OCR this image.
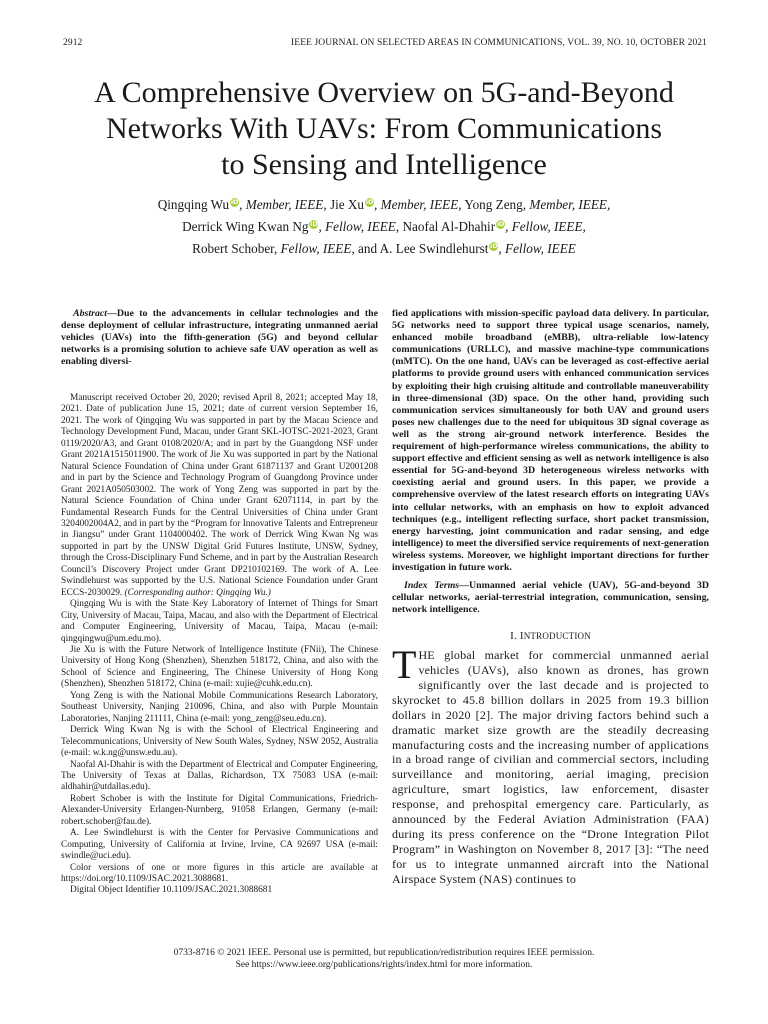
2912	IEEE JOURNAL ON SELECTED AREAS IN COMMUNICATIONS, VOL. 39, NO. 10, OCTOBER 2021
A Comprehensive Overview on 5G-and-Beyond
Networks With UAVs: From Communications
to Sensing and Intelligence
Qingqing Wu iD, Member, IEEE, Jie Xu iD, Member, IEEE, Yong Zeng, Member, IEEE,
Derrick Wing Kwan Ng iD, Fellow, IEEE, Naofal Al-Dhahir iD, Fellow, IEEE,
Robert Schober, Fellow, IEEE, and A. Lee Swindlehurst iD, Fellow, IEEE

Abstract—Due to the advancements in cellular technologies and the dense deployment of cellular infrastructure, integrating unmanned aerial vehicles (UAVs) into the fifth-generation (5G) and beyond cellular networks is a promising solution to achieve safe UAV operation as well as enabling diversi-

Manuscript received October 20, 2020; revised April 8, 2021; accepted May 18, 2021. Date of publication June 15, 2021; date of current version September 16, 2021. The work of Qingqing Wu was supported in part by the Macau Science and Technology Development Fund, Macau, under Grant SKL-IOTSC-2021-2023, Grant 0119/2020/A3, and Grant 0108/2020/A; and in part by the Guangdong NSF under Grant 2021A1515011900. The work of Jie Xu was supported in part by the National Natural Science Foundation of China under Grant 61871137 and Grant U2001208 and in part by the Science and Technology Program of Guangdong Province under Grant 2021A050503002. The work of Yong Zeng was supported in part by the Natural Science Foundation of China under Grant 62071114, in part by the Fundamental Research Funds for the Central Universities of China under Grant 3204002004A2, and in part by the “Program for Innovative Talents and Entrepreneur in Jiangsu” under Grant 1104000402. The work of Derrick Wing Kwan Ng was supported in part by the UNSW Digital Grid Futures Institute, UNSW, Sydney, through the Cross-Disciplinary Fund Scheme, and in part by the Australian Research Council’s Discovery Project under Grant DP210102169. The work of A. Lee Swindlehurst was supported by the U.S. National Science Foundation under Grant ECCS-2030029. (Corresponding author: Qingqing Wu.)

Qingqing Wu is with the State Key Laboratory of Internet of Things for Smart City, University of Macau, Taipa, Macau, and also with the Department of Electrical and Computer Engineering, University of Macau, Taipa, Macau (e-mail: qingqingwu@um.edu.mo).

Jie Xu is with the Future Network of Intelligence Institute (FNii), The Chinese University of Hong Kong (Shenzhen), Shenzhen 518172, China, and also with the School of Science and Engineering, The Chinese University of Hong Kong (Shenzhen), Shenzhen 518172, China (e-mail: xujie@cuhk.edu.cn).

Yong Zeng is with the National Mobile Communications Research Laboratory, Southeast University, Nanjing 210096, China, and also with Purple Mountain Laboratories, Nanjing 211111, China (e-mail: yong_zeng@seu.edu.cn).

Derrick Wing Kwan Ng is with the School of Electrical Engineering and Telecommunications, University of New South Wales, Sydney, NSW 2052, Australia (e-mail: w.k.ng@unsw.edu.au).

Naofal Al-Dhahir is with the Department of Electrical and Computer Engineering, The University of Texas at Dallas, Richardson, TX 75083 USA (e-mail: aldhahir@utdallas.edu).

Robert Schober is with the Institute for Digital Communications, Friedrich-Alexander-University Erlangen-Nurnberg, 91058 Erlangen, Germany (e-mail: robert.schober@fau.de).

A. Lee Swindlehurst is with the Center for Pervasive Communications and Computing, University of California at Irvine, Irvine, CA 92697 USA (e-mail: swindle@uci.edu).

Color versions of one or more figures in this article are available at https://doi.org/10.1109/JSAC.2021.3088681.

Digital Object Identifier 10.1109/JSAC.2021.3088681

fied applications with mission-specific payload data delivery. In particular, 5G networks need to support three typical usage scenarios, namely, enhanced mobile broadband (eMBB), ultra-reliable low-latency communications (URLLC), and massive machine-type communications (mMTC). On the one hand, UAVs can be leveraged as cost-effective aerial platforms to provide ground users with enhanced communication services by exploiting their high cruising altitude and controllable maneuverability in three-dimensional (3D) space. On the other hand, providing such communication services simultaneously for both UAV and ground users poses new challenges due to the need for ubiquitous 3D signal coverage as well as the strong air-ground network interference. Besides the requirement of high-performance wireless communications, the ability to support effective and efficient sensing as well as network intelligence is also essential for 5G-and-beyond 3D heterogeneous wireless networks with coexisting aerial and ground users. In this paper, we provide a comprehensive overview of the latest research efforts on integrating UAVs into cellular networks, with an emphasis on how to exploit advanced techniques (e.g., intelligent reflecting surface, short packet transmission, energy harvesting, joint communication and radar sensing, and edge intelligence) to meet the diversified service requirements of next-generation wireless systems. Moreover, we highlight important directions for further investigation in future work.

Index Terms—Unmanned aerial vehicle (UAV), 5G-and-beyond 3D cellular networks, aerial-terrestrial integration, communication, sensing, network intelligence.

I. INTRODUCTION

THE global market for commercial unmanned aerial vehicles (UAVs), also known as drones, has grown significantly over the last decade and is projected to skyrocket to 45.8 billion dollars in 2025 from 19.3 billion dollars in 2020 [2]. The major driving factors behind such a dramatic market size growth are the steadily decreasing manufacturing costs and the increasing number of applications in a broad range of civilian and commercial sectors, including surveillance and monitoring, aerial imaging, precision agriculture, smart logistics, law enforcement, disaster response, and prehospital emergency care. Particularly, as announced by the Federal Aviation Administration (FAA) during its press conference on the “Drone Integration Pilot Program” in Washington on November 8, 2017 [3]: “The need for us to integrate unmanned aircraft into the National Airspace System (NAS) continues to

0733-8716 © 2021 IEEE. Personal use is permitted, but republication/redistribution requires IEEE permission.
See https://www.ieee.org/publications/rights/index.html for more information.
